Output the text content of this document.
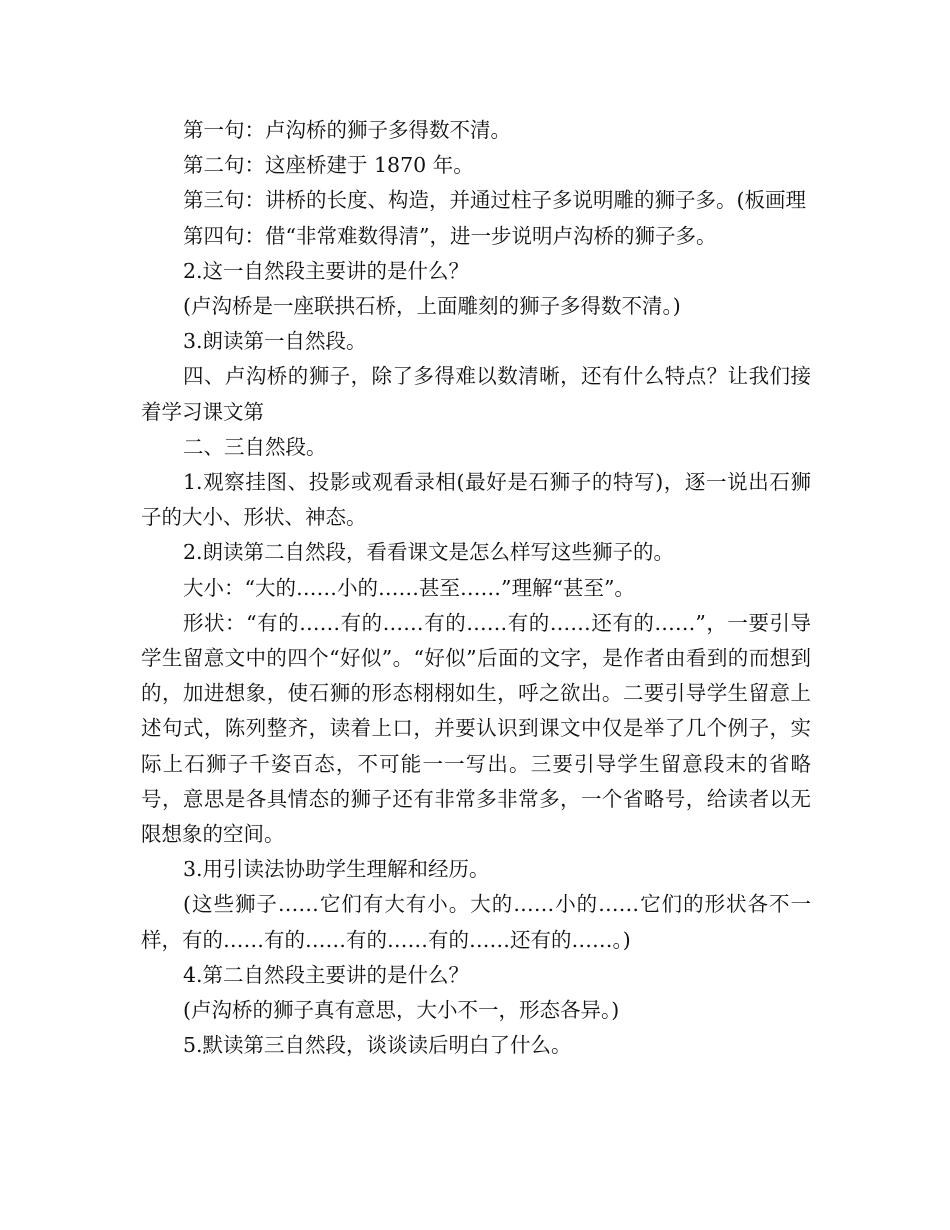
第一句：卢沟桥的狮子多得数不清。

第二句：这座桥建于 1870 年。

第三句：讲桥的长度、构造，并通过柱子多说明雕的狮子多。(板画理

第四句：借“非常难数得清”，进一步说明卢沟桥的狮子多。

2.这一自然段主要讲的是什么？

(卢沟桥是一座联拱石桥，上面雕刻的狮子多得数不清。)

3.朗读第一自然段。

四、卢沟桥的狮子，除了多得难以数清晰，还有什么特点？让我们接着学习课文第

二、三自然段。

1.观察挂图、投影或观看录相(最好是石狮子的特写)，逐一说出石狮子的大小、形状、神态。

2.朗读第二自然段，看看课文是怎么样写这些狮子的。

大小：“大的……小的……甚至……”理解“甚至”。

形状：“有的……有的……有的……有的……还有的……”，一要引导学生留意文中的四个“好似”。“好似”后面的文字，是作者由看到的而想到的，加进想象，使石狮的形态栩栩如生，呼之欲出。二要引导学生留意上述句式，陈列整齐，读着上口，并要认识到课文中仅是举了几个例子，实际上石狮子千姿百态，不可能一一写出。三要引导学生留意段末的省略号，意思是各具情态的狮子还有非常多非常多，一个省略号，给读者以无限想象的空间。

3.用引读法协助学生理解和经历。

(这些狮子……它们有大有小。大的……小的……它们的形状各不一样，有的……有的……有的……有的……还有的……。)

4.第二自然段主要讲的是什么？

(卢沟桥的狮子真有意思，大小不一，形态各异。)

5.默读第三自然段，谈谈读后明白了什么。
